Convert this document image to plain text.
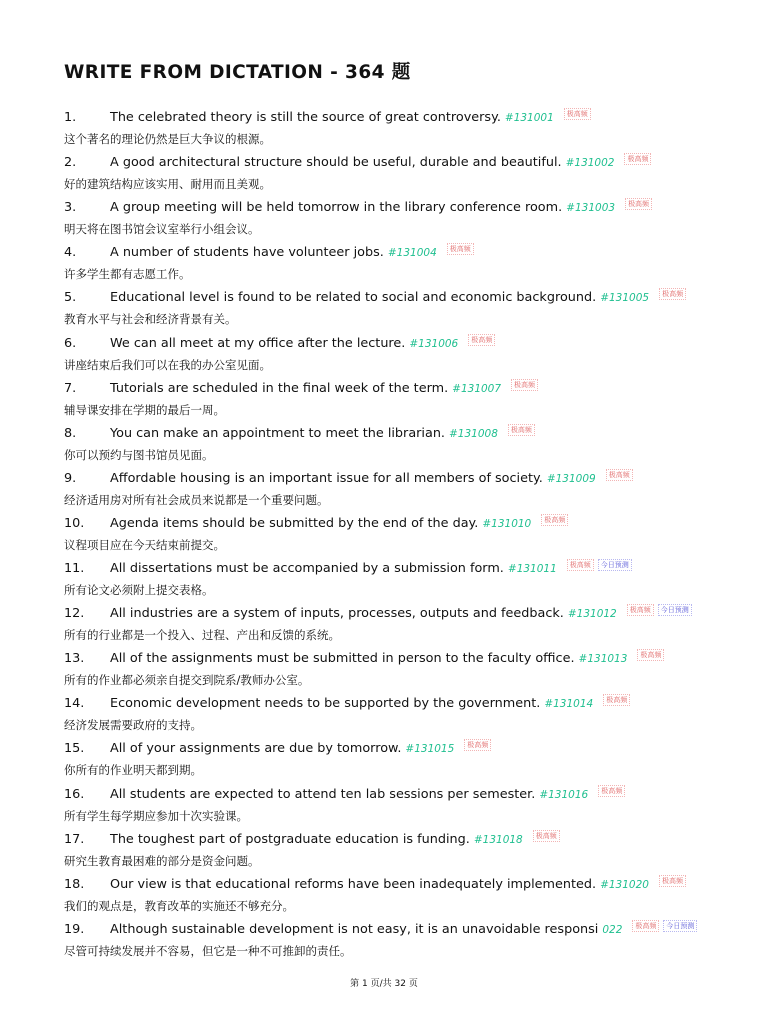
WRITE FROM DICTATION - 364 题
1.	The celebrated theory is still the source of great controversy. #131001 极高频
这个著名的理论仍然是巨大争议的根源。
2.	A good architectural structure should be useful, durable and beautiful. #131002 极高频
好的建筑结构应该实用、耐用而且美观。
3.	A group meeting will be held tomorrow in the library conference room. #131003 极高频
明天将在图书馆会议室举行小组会议。
4.	A number of students have volunteer jobs. #131004 极高频
许多学生都有志愿工作。
5.	Educational level is found to be related to social and economic background. #131005 极高频
教育水平与社会和经济背景有关。
6.	We can all meet at my office after the lecture. #131006 极高频
讲座结束后我们可以在我的办公室见面。
7.	Tutorials are scheduled in the final week of the term. #131007 极高频
辅导课安排在学期的最后一周。
8.	You can make an appointment to meet the librarian. #131008 极高频
你可以预约与图书馆员见面。
9.	Affordable housing is an important issue for all members of society. #131009 极高频
经济适用房对所有社会成员来说都是一个重要问题。
10. Agenda items should be submitted by the end of the day. #131010 极高频
议程项目应在今天结束前提交。
11. All dissertations must be accompanied by a submission form. #131011 极高频 今日预测
所有论文必须附上提交表格。
12. All industries are a system of inputs, processes, outputs and feedback. #131012 极高频 今日预测
所有的行业都是一个投入、过程、产出和反馈的系统。
13. All of the assignments must be submitted in person to the faculty office. #131013 极高频
所有的作业都必须亲自提交到院系/教师办公室。
14. Economic development needs to be supported by the government. #131014 极高频
经济发展需要政府的支持。
15. All of your assignments are due by tomorrow. #131015 极高频
你所有的作业明天都到期。
16. All students are expected to attend ten lab sessions per semester. #131016 极高频
所有学生每学期应参加十次实验课。
17. The toughest part of postgraduate education is funding. #131018 极高频
研究生教育最困难的部分是资金问题。
18. Our view is that educational reforms have been inadequately implemented. #131020 极高频
我们的观点是，教育改革的实施还不够充分。
19. Although sustainable development is not easy, it is an unavoidable responsi 022 极高频 今日预测
尽管可持续发展并不容易，但它是一种不可推卸的责任。
第 1 页/共 32 页
